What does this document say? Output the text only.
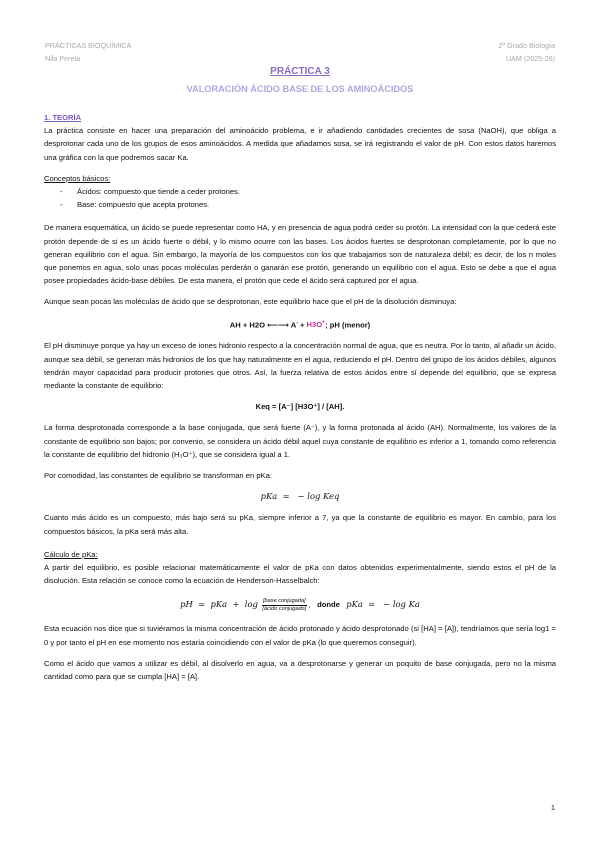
PRÁCTICAS BIOQUÍMICA
Nila Perela
2º Grado Biología
UAM (2025-26)
PRÁCTICA 3
VALORACIÓN ÁCIDO BASE DE LOS AMINOÁCIDOS
1. TEORÍA

La práctica consiste en hacer una preparación del aminoácido problema, e ir añadiendo cantidades crecientes de sosa (NaOH), que obliga a desprotonar cada uno de los grupos de esos aminoácidos. A medida que añadamos sosa, se irá registrando el valor de pH. Con estos datos haremos una gráfica con la que podremos sacar Ka.

Conceptos básicos:
- Ácidos: compuesto que tiende a ceder protones.
- Base: compuesto que acepta protones.

De manera esquemática, un ácido se puede representar como HA, y en presencia de agua podrá ceder su protón. La intensidad con la que cederá este protón depende de si es un ácido fuerte o débil, y lo mismo ocurre con las bases. Los ácidos fuertes se desprotonan completamente, por lo que no generan equilibrio con el agua. Sin embargo, la mayoría de los compuestos con los que trabajamos son de naturaleza débil; es decir, de los n moles que ponemos en agua, solo unas pocas moléculas perderán o ganarán ese protón, generando un equilibrio con el agua. Esto se debe a que el agua posee propiedades ácido-base débiles. De esta manera, el protón que cede el ácido será captured por el agua.

Aunque sean pocas las moléculas de ácido que se desprotonan, este equilibrio hace que el pH de la disolución disminuya:

AH + H2O ⟵⟶ A- + H3O+; pH (menor)

El pH disminuye porque ya hay un exceso de iones hidronio respecto a la concentración normal de agua, que es neutra. Por lo tanto, al añadir un ácido, aunque sea débil, se generan más hidronios de los que hay naturalmente en el agua, reduciendo el pH. Dentro del grupo de los ácidos débiles, algunos tendrán mayor capacidad para producir protones que otros. Así, la fuerza relativa de estos ácidos entre sí depende del equilibrio, que se expresa mediante la constante de equilibrio:

Keq = [A⁻] [H3O⁺] / [AH].

La forma desprotonada corresponde a la base conjugada, que será fuerte (A⁻), y la forma protonada al ácido (AH). Normalmente, los valores de la constante de equilibrio son bajos; por convenio, se considera un ácido débil aquel cuya constante de equilibrio es inferior a 1, tomando como referencia la constante de equilibrio del hidronio (H₃O⁺), que se considera igual a 1.

Por comodidad, las constantes de equilibrio se transforman en pKa:

pKa  =   − log Keq

Cuanto más ácido es un compuesto, más bajo será su pKa, siempre inferior a 7, ya que la constante de equilibrio es mayor. En cambio, para los compuestos básicos, la pKa será más alta.

Cálculo de pKa:

A partir del equilibrio, es posible relacionar matemáticamente el valor de pKa con datos obtenidos experimentalmente, siendo estos el pH de la disolución. Esta relación se conoce como la ecuación de Henderson-Hasselbalch:

pH  =  pKa  +  $\log \frac{\text{[base conjugada]}}{\text{[ácido conjugado]}}$ , donde pKa  =   − log Ka

Esta ecuación nos dice que si tuviéramos la misma concentración de ácido protonado y ácido desprotonado (si [HA] = [A]), tendríamos que sería log1 = 0 y por tanto el pH en ese momento nos estaría coincidiendo con el valor de pKa (lo que queremos conseguir).

Como el ácido que vamos a utilizar es débil, al disolverlo en agua, va a desprotonarse y generar un poquito de base conjugada, pero no la misma cantidad como para que se cumpla [HA] = [A].

1
